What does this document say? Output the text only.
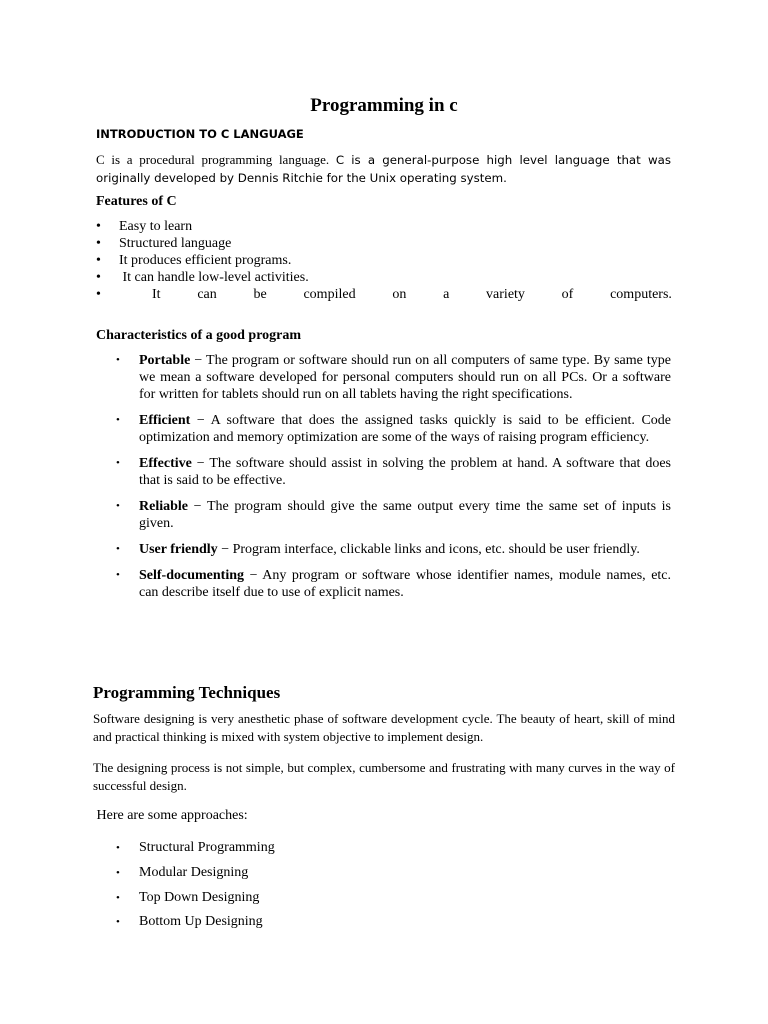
Programming in c
INTRODUCTION TO C LANGUAGE
C is a procedural programming language. C is a general-purpose high level language that was originally developed by Dennis Ritchie for the Unix operating system.
Features of C
• Easy to learn
• Structured language
• It produces efficient programs.
•  It can handle low-level activities.
• It	can	be	compiled	on	a	variety	of	computers.
Characteristics of a good program
• Portable − The program or software should run on all computers of same type. By same type we mean a software developed for personal computers should run on all PCs. Or a software for written for tablets should run on all tablets having the right specifications.
• Efficient − A software that does the assigned tasks quickly is said to be efficient. Code optimization and memory optimization are some of the ways of raising program efficiency.
• Effective − The software should assist in solving the problem at hand. A software that does that is said to be effective.
• Reliable − The program should give the same output every time the same set of inputs is given.
• User friendly − Program interface, clickable links and icons, etc. should be user friendly.
• Self-documenting − Any program or software whose identifier names, module names, etc. can describe itself due to use of explicit names.
Programming Techniques
Software designing is very anesthetic phase of software development cycle. The beauty of heart, skill of mind and practical thinking is mixed with system objective to implement design.
The designing process is not simple, but complex, cumbersome and frustrating with many curves in the way of successful design.
Here are some approaches:
• Structural Programming
• Modular Designing
• Top Down Designing
• Bottom Up Designing
